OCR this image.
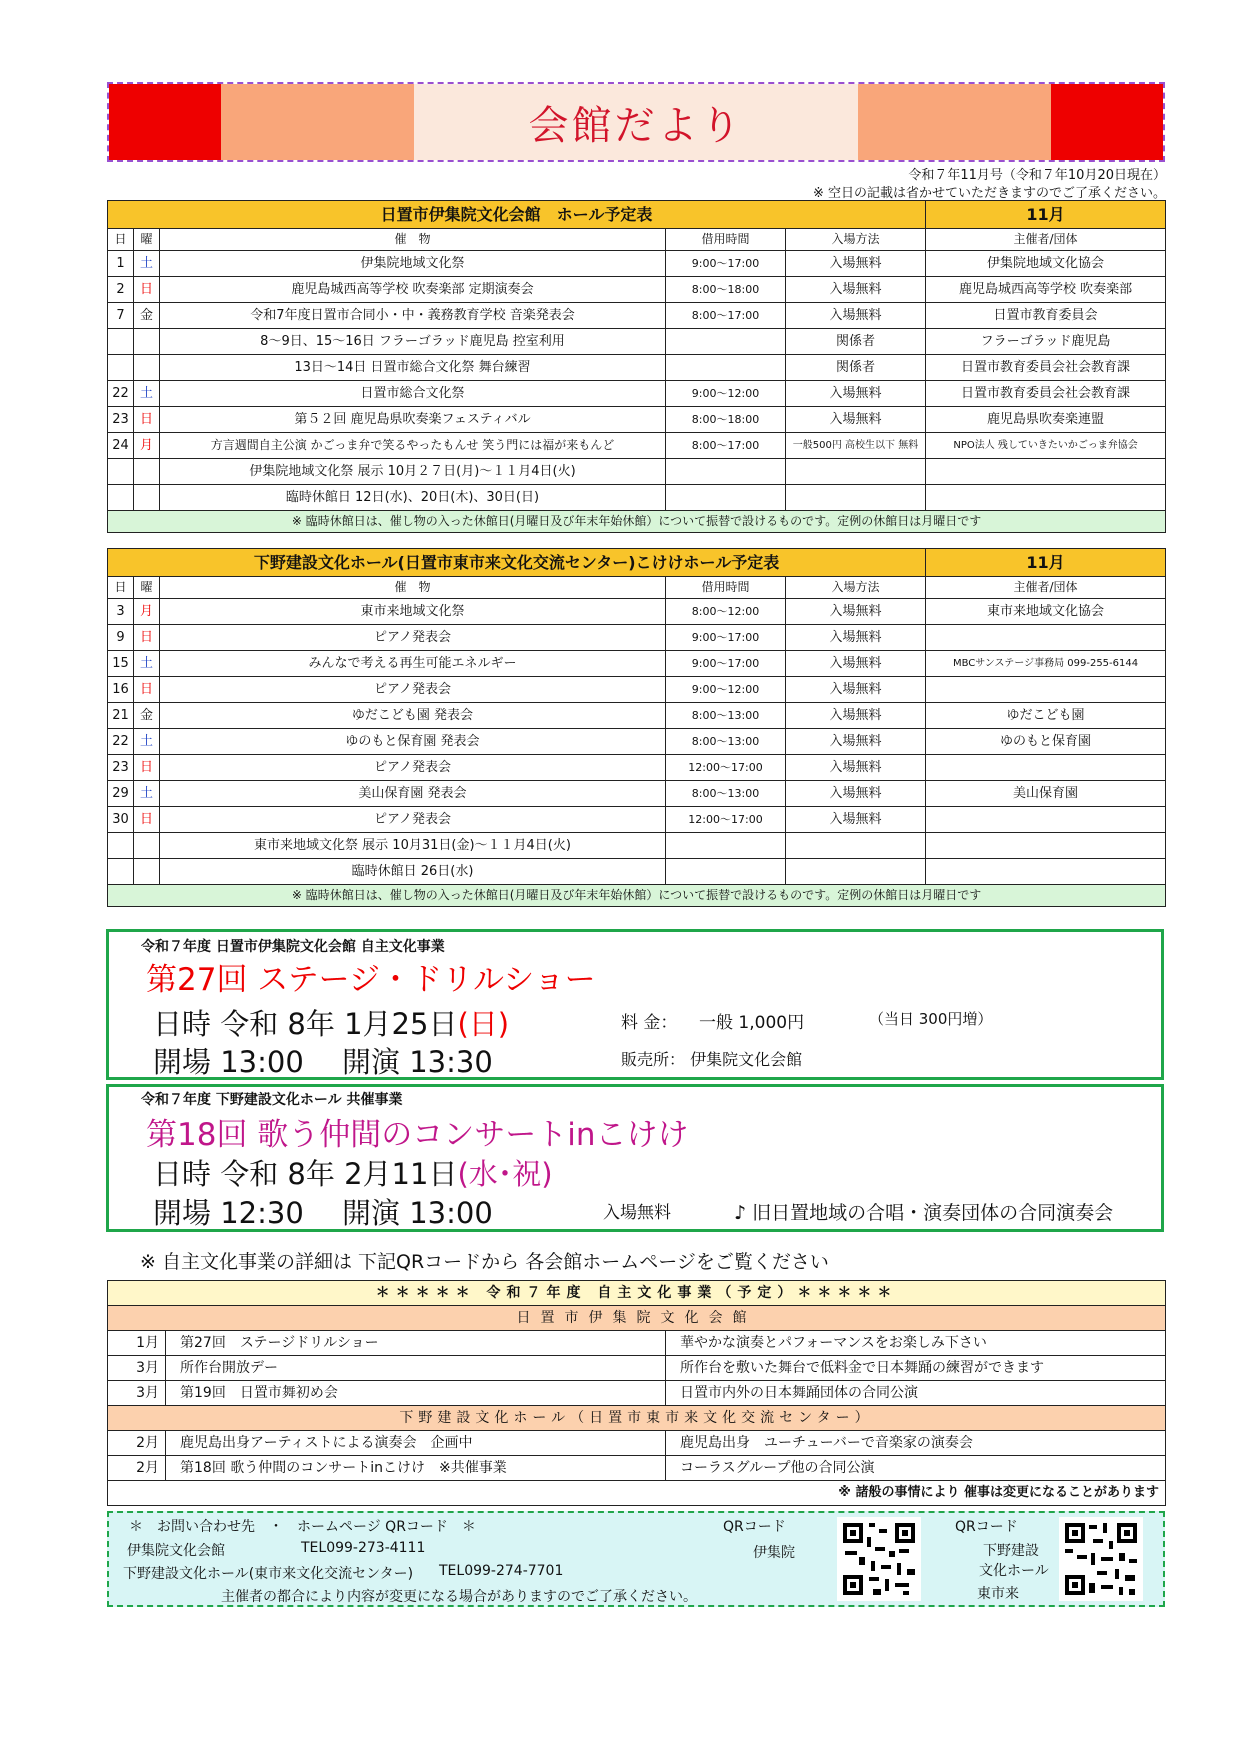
会館だより
令和７年11月号（令和７年10月20日現在）
※ 空日の記載は省かせていただきますのでご了承ください。
日置市伊集院文化会館　ホール予定表					11月
日	曜	催　物	借用時間	入場方法	主催者/団体
1	土	伊集院地域文化祭	9:00～17:00	入場無料	伊集院地域文化協会
2	日	鹿児島城西高等学校 吹奏楽部 定期演奏会	8:00～18:00	入場無料	鹿児島城西高等学校 吹奏楽部
7	金	令和7年度日置市合同小・中・義務教育学校 音楽発表会	8:00～17:00	入場無料	日置市教育委員会
		8～9日、15～16日 フラーゴラッド鹿児島 控室利用		関係者	フラーゴラッド鹿児島
		13日～14日 日置市総合文化祭 舞台練習		関係者	日置市教育委員会社会教育課
22	土	日置市総合文化祭	9:00～12:00	入場無料	日置市教育委員会社会教育課
23	日	第５２回 鹿児島県吹奏楽フェスティバル	8:00～18:00	入場無料	鹿児島県吹奏楽連盟
24	月	方言週間自主公演 かごっま弁で笑るやったもんせ 笑う門には福が来もんど	8:00～17:00	一般500円 高校生以下 無料	NPO法人 残していきたいかごっま弁協会
		伊集院地域文化祭 展示 10月２７日(月)～１１月4日(火)			
		臨時休館日 12日(水)、20日(木)、30日(日)			
※ 臨時休館日は、催し物の入った休館日(月曜日及び年末年始休館）について振替で設けるものです。定例の休館日は月曜日です					
下野建設文化ホール(日置市東市来文化交流センター)こけけホール予定表					11月
日	曜	催　物	借用時間	入場方法	主催者/団体
3	月	東市来地域文化祭	8:00～12:00	入場無料	東市来地域文化協会
9	日	ピアノ発表会	9:00～17:00	入場無料	
15	土	みんなで考える再生可能エネルギー	9:00～17:00	入場無料	MBCサンステージ事務局 099-255-6144
16	日	ピアノ発表会	9:00～12:00	入場無料	
21	金	ゆだこども園 発表会	8:00～13:00	入場無料	ゆだこども園
22	土	ゆのもと保育園 発表会	8:00～13:00	入場無料	ゆのもと保育園
23	日	ピアノ発表会	12:00～17:00	入場無料	
29	土	美山保育園 発表会	8:00～13:00	入場無料	美山保育園
30	日	ピアノ発表会	12:00～17:00	入場無料	
		東市来地域文化祭 展示 10月31日(金)～１１月4日(火)			
		臨時休館日 26日(水)			
※ 臨時休館日は、催し物の入った休館日(月曜日及び年末年始休館）について振替で設けるものです。定例の休館日は月曜日です					
令和７年度 日置市伊集院文化会館 自主文化事業
第27回 ステージ・ドリルショー
日時 令和 8年 1月25日(日)
開場 13:00　 開演 13:30
料 金： 一般 1,000円	（当日 300円増）
販売所： 伊集院文化会館
令和７年度 下野建設文化ホール 共催事業
第18回 歌う仲間のコンサートinこけけ
日時 令和 8年 2月11日(水･祝)
開場 12:30　 開演 13:00	入場無料	♪ 旧日置地域の合唱・演奏団体の合同演奏会
※ 自主文化事業の詳細は 下記QRコードから 各会館ホームページをご覧ください
＊＊＊＊＊ 令和７年度 自主文化事業（予定）＊＊＊＊＊		
日置市伊集院文化会館		
1月	第27回　ステージドリルショー	華やかな演奏とパフォーマンスをお楽しみ下さい
3月	所作台開放デー	所作台を敷いた舞台で低料金で日本舞踊の練習ができます
3月	第19回　日置市舞初め会	日置市内外の日本舞踊団体の合同公演
下野建設文化ホール（日置市東市来文化交流センター）		
2月	鹿児島出身アーティストによる演奏会　企画中	鹿児島出身　ユーチューバーで音楽家の演奏会
2月	第18回 歌う仲間のコンサートinこけけ　※共催事業	コーラスグループ他の合同公演
※ 諸般の事情により 催事は変更になることがあります		
＊　お問い合わせ先　・　ホームページ QRコード　＊
伊集院文化会館	TEL099-273-4111
下野建設文化ホール(東市来文化交流センター) TEL099-274-7701
主催者の都合により内容が変更になる場合がありますのでご了承ください。
QRコード
伊集院
QRコード
下野建設
文化ホール
東市来
